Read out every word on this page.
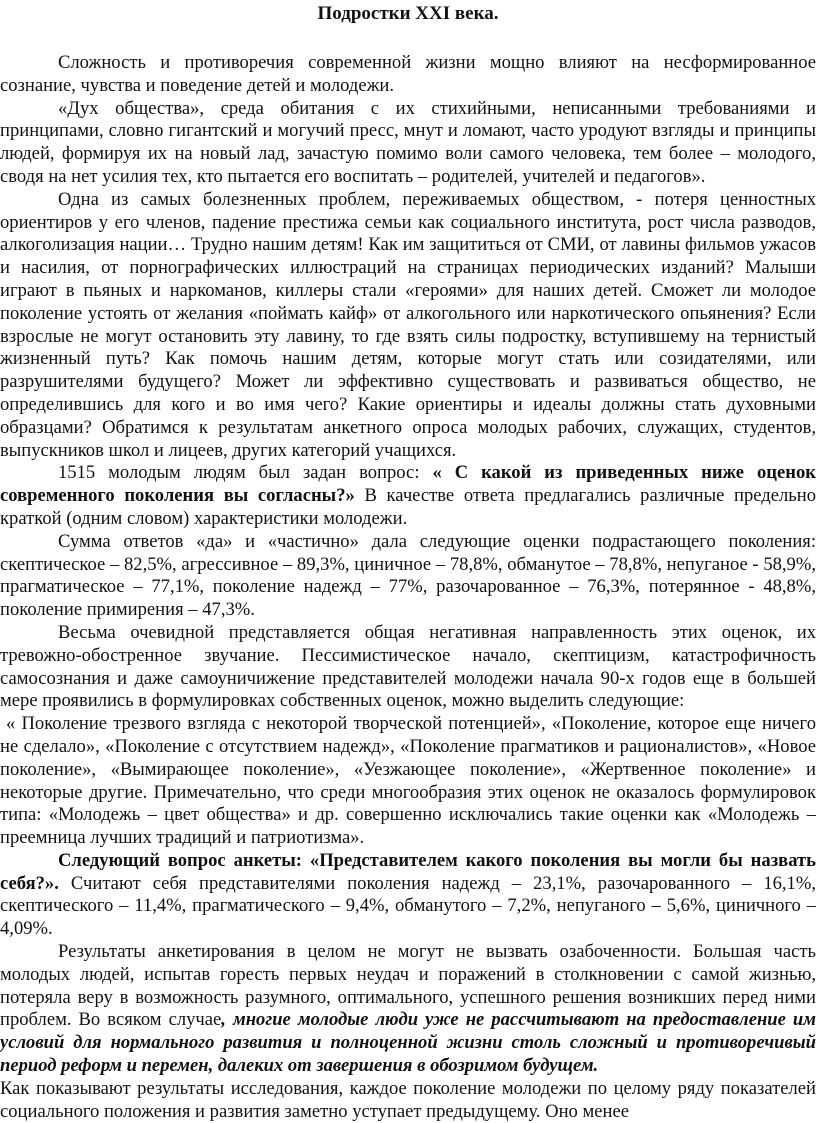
Подростки XXI века.

Сложность и противоречия современной жизни мощно влияют на несформированное сознание, чувства и поведение детей и молодежи.

«Дух общества», среда обитания с их стихийными, неписанными требованиями и принципами, словно гигантский и могучий пресс, мнут и ломают, часто уродуют взгляды и принципы людей, формируя их на новый лад, зачастую помимо воли самого человека, тем более – молодого, сводя на нет усилия тех, кто пытается его воспитать – родителей, учителей и педагогов».

Одна из самых болезненных проблем, переживаемых обществом, - потеря ценностных ориентиров у его членов, падение престижа семьи как социального института, рост числа разводов, алкоголизация нации… Трудно нашим детям! Как им защититься от СМИ, от лавины фильмов ужасов и насилия, от порнографических иллюстраций на страницах периодических изданий? Малыши играют в пьяных и наркоманов, киллеры стали «героями» для наших детей. Сможет ли молодое поколение устоять от желания «поймать кайф» от алкогольного или наркотического опьянения? Если взрослые не могут остановить эту лавину, то где взять силы подростку, вступившему на тернистый жизненный путь? Как помочь нашим детям, которые могут стать или созидателями, или разрушителями будущего? Может ли эффективно существовать и развиваться общество, не определившись для кого и во имя чего? Какие ориентиры и идеалы должны стать духовными образцами? Обратимся к результатам анкетного опроса молодых рабочих, служащих, студентов, выпускников школ и лицеев, других категорий учащихся.

1515 молодым людям был задан вопрос: « С какой из приведенных ниже оценок современного поколения вы согласны?» В качестве ответа предлагались различные предельно краткой (одним словом) характеристики молодежи.

Сумма ответов «да» и «частично» дала следующие оценки подрастающего поколения: скептическое – 82,5%, агрессивное – 89,3%, циничное – 78,8%, обманутое – 78,8%, непуганое - 58,9%, прагматическое – 77,1%, поколение надежд – 77%, разочарованное – 76,3%, потерянное - 48,8%, поколение примирения – 47,3%.

Весьма очевидной представляется общая негативная направленность этих оценок, их тревожно-обостренное звучание. Пессимистическое начало, скептицизм, катастрофичность самосознания и даже самоуничижение представителей молодежи начала 90-х годов еще в большей мере проявились в формулировках собственных оценок, можно выделить следующие:

« Поколение трезвого взгляда с некоторой творческой потенцией», «Поколение, которое еще ничего не сделало», «Поколение с отсутствием надежд», «Поколение прагматиков и рационалистов», «Новое поколение», «Вымирающее поколение», «Уезжающее поколение», «Жертвенное поколение» и некоторые другие. Примечательно, что среди многообразия этих оценок не оказалось формулировок типа: «Молодежь – цвет общества» и др. совершенно исключались такие оценки как «Молодежь – преемница лучших традиций и патриотизма».

Следующий вопрос анкеты: «Представителем какого поколения вы могли бы назвать себя?». Считают себя представителями поколения надежд – 23,1%, разочарованного – 16,1%, скептического – 11,4%, прагматического – 9,4%, обманутого – 7,2%, непуганого – 5,6%, циничного – 4,09%.

Результаты анкетирования в целом не могут не вызвать озабоченности. Большая часть молодых людей, испытав горесть первых неудач и поражений в столкновении с самой жизнью, потеряла веру в возможность разумного, оптимального, успешного решения возникших перед ними проблем. Во всяком случае, многие молодые люди уже не рассчитывают на предоставление им условий для нормального развития и полноценной жизни столь сложный и противоречивый период реформ и перемен, далеких от завершения в обозримом будущем.

Как показывают результаты исследования, каждое поколение молодежи по целому ряду показателей социального положения и развития заметно уступает предыдущему. Оно менее
